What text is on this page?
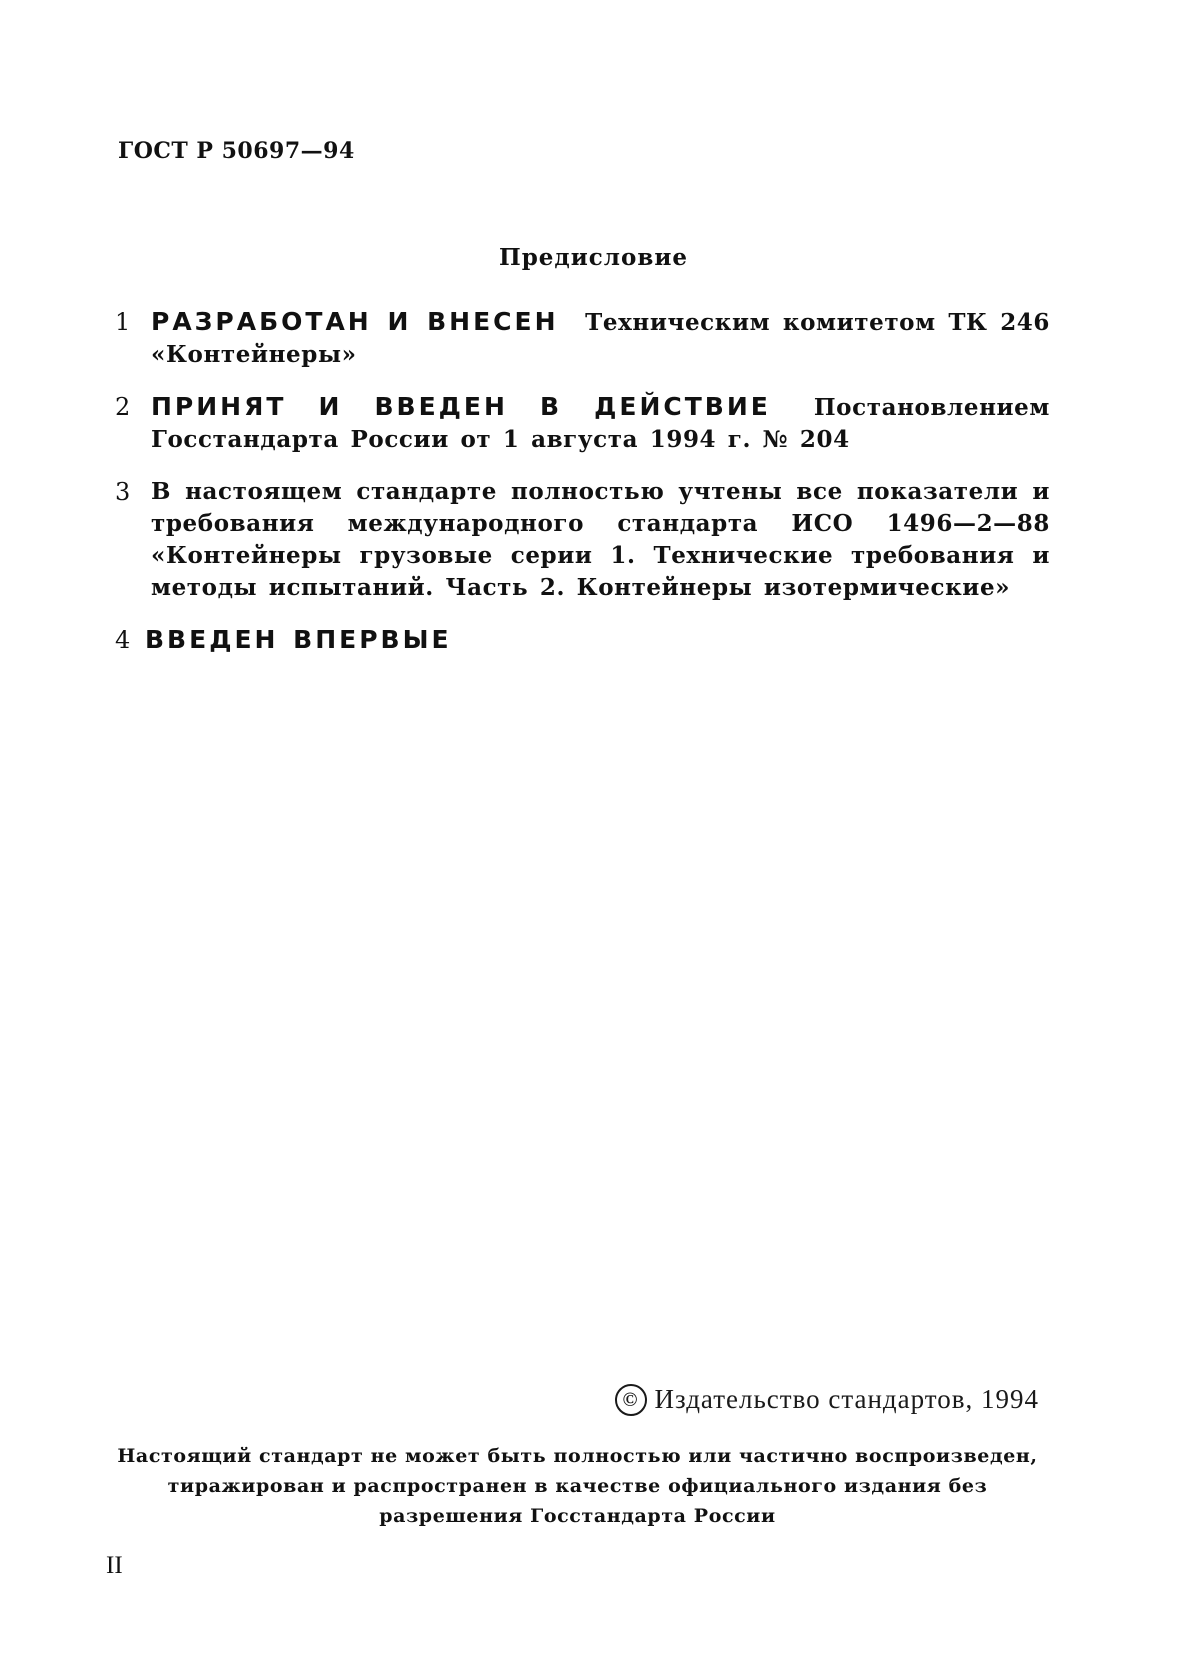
ГОСТ Р 50697—94
Предисловие
1 РАЗРАБОТАН И ВНЕСЕН Техническим комитетом ТК 246 «Контейнеры»
2 ПРИНЯТ И ВВЕДЕН В ДЕЙСТВИЕ Постановлением Госстандарта России от 1 августа 1994 г. № 204
3 В настоящем стандарте полностью учтены все показатели и требования международного стандарта ИСО 1496—2—88 «Контейнеры грузовые серии 1. Технические требования и методы испытаний. Часть 2. Контейнеры изотермические»
4 ВВЕДЕН ВПЕРВЫЕ
© Издательство стандартов, 1994
Настоящий стандарт не может быть полностью или частично воспроизведен, тиражирован и распространен в качестве официального издания без разрешения Госстандарта России
II
